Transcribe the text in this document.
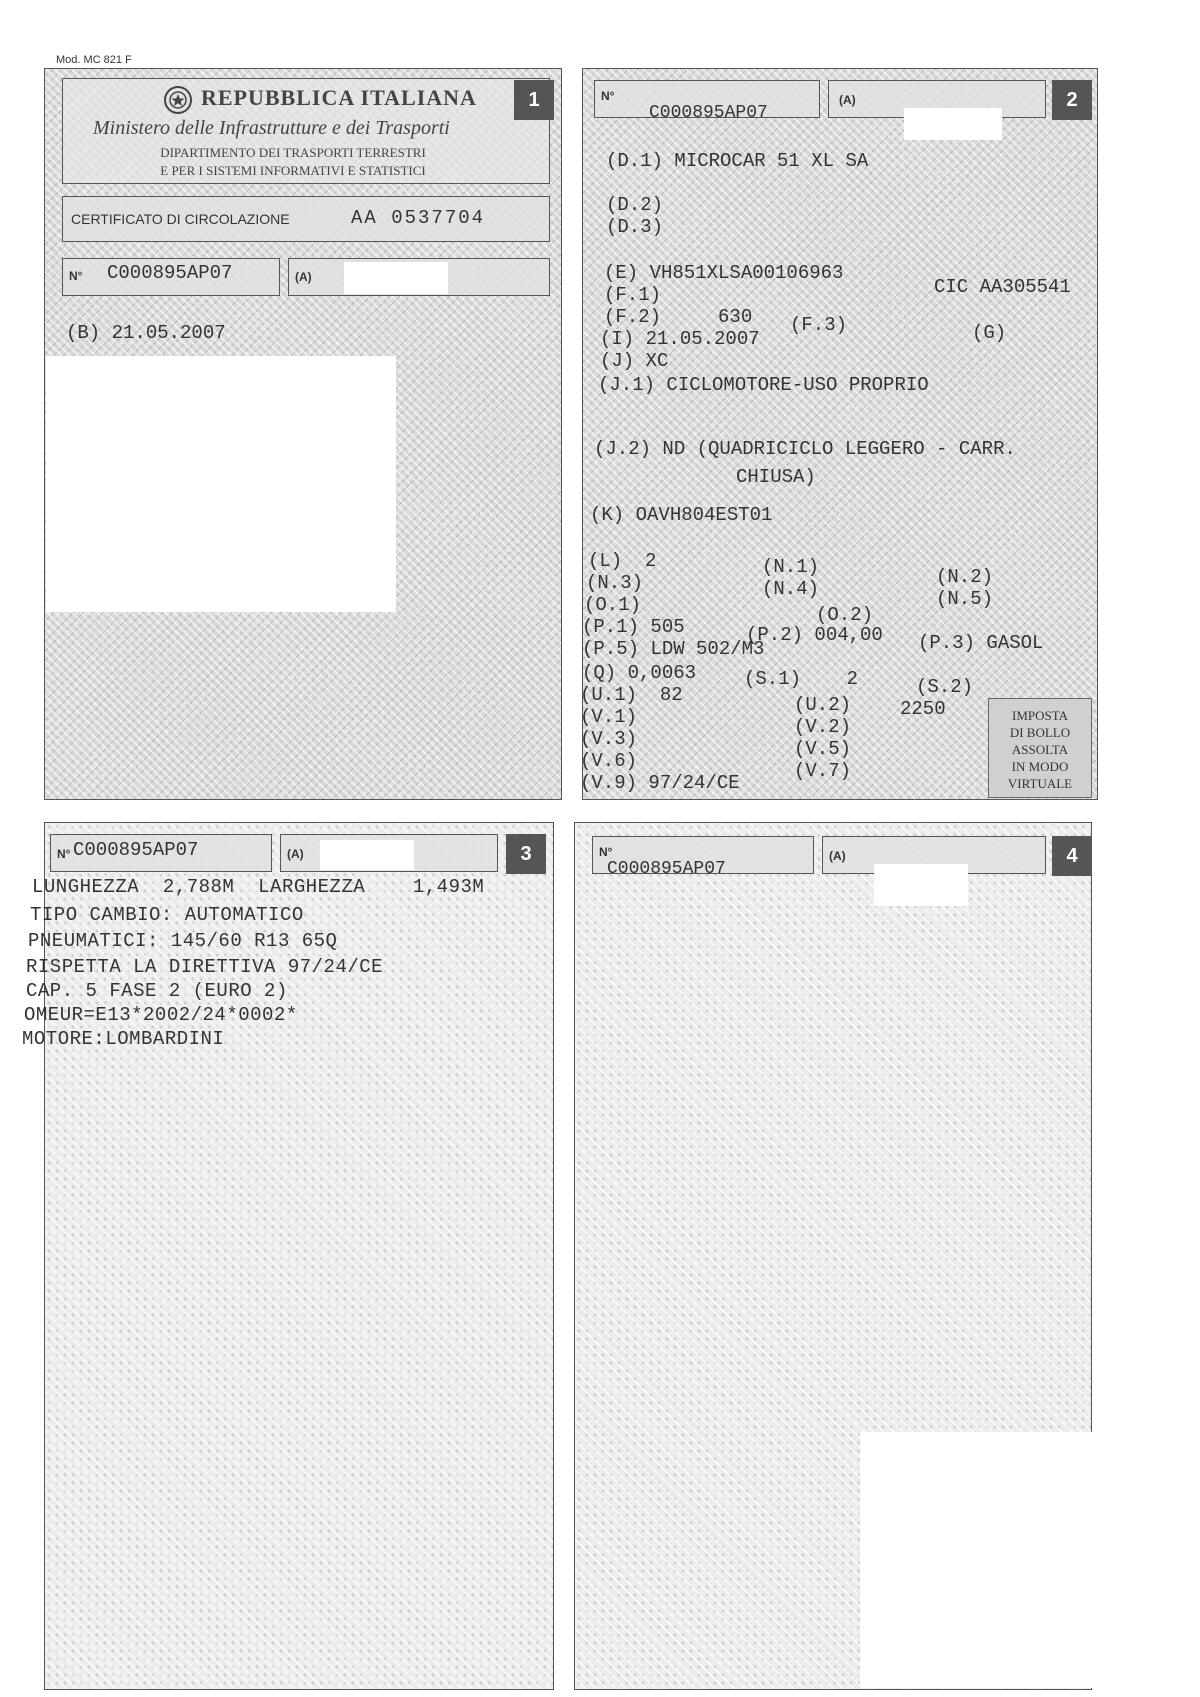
Mod. MC 821 F
REPUBBLICA ITALIANA
Ministero delle Infrastrutture e dei Trasporti
DIPARTIMENTO DEI TRASPORTI TERRESTRI
E PER I SISTEMI INFORMATIVI E STATISTICI
1
CERTIFICATO DI CIRCOLAZIONE	AA 0537704
N° C000895AP07	(A)
(B) 21.05.2007
N°
C000895AP07
(A)	2
(D.1) MICROCAR 51 XL SA
(D.2)
(D.3)
(E) VH851XLSA00106963
CIC AA305541
(F.1)
(F.2)     630 (F.3)	(G)
(I) 21.05.2007
(J) XC
(J.1) CICLOMOTORE-USO PROPRIO
(J.2) ND (QUADRICICLO LEGGERO - CARR.
CHIUSA)
(K) OAVH804EST01
(L)  2	(N.1)	(N.2)
(N.3)	(N.4)	(N.5)
(O.1)	(O.2)
(P.1) 505	(P.2) 004,00 (P.3) GASOL
(P.5) LDW 502/M3
(Q) 0,0063	(S.1)    2	(S.2)
(U.1)  82	(U.2)	2250
(V.1)	(V.2)
(V.3)	(V.5)
(V.6)	(V.7)
(V.9) 97/24/CE
IMPOSTA
DI BOLLO
ASSOLTA
IN MODO
VIRTUALE
N° C000895AP07	(A)	3
LUNGHEZZA  2,788M  LARGHEZZA    1,493M
TIPO CAMBIO: AUTOMATICO
PNEUMATICI: 145/60 R13 65Q
RISPETTA LA DIRETTIVA 97/24/CE
CAP. 5 FASE 2 (EURO 2)
OMEUR=E13*2002/24*0002*
MOTORE:LOMBARDINI
N°
C000895AP07
(A)	4
